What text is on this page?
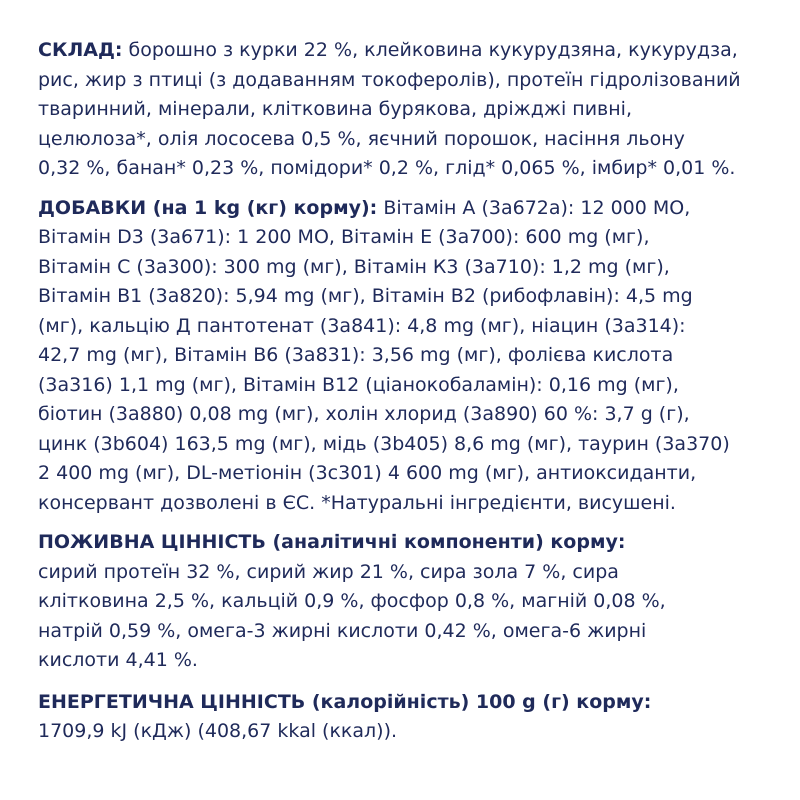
СКЛАД: борошно з курки 22 %, клейковина кукурудзяна, кукурудза,
рис, жир з птиці (з додаванням токоферолів), протеїн гідролізований
тваринний, мінерали, клітковина бурякова, дріжджі пивні,
целюлоза*, олія лососева 0,5 %, яєчний порошок, насіння льону
0,32 %, банан* 0,23 %, помідори* 0,2 %, глід* 0,065 %, імбир* 0,01 %.

ДОБАВКИ (на 1 kg (кг) корму): Вітамін А (3a672a): 12 000 МО,
Вітамін D3 (3a671): 1 200 МО, Вітамін E (3a700): 600 mg (мг),
Вітамін С (3a300): 300 mg (мг), Вітамін К3 (3a710): 1,2 mg (мг),
Вітамін В1 (3a820): 5,94 mg (мг), Вітамін В2 (рибофлавін): 4,5 mg
(мг), кальцію Д пантотенат (3a841): 4,8 mg (мг), ніацин (3a314):
42,7 mg (мг), Вітамін В6 (3a831): 3,56 mg (мг), фолієва кислота
(3a316) 1,1 mg (мг), Вітамін В12 (ціанокобаламін): 0,16 mg (мг),
біотин (3a880) 0,08 mg (мг), холін хлорид (3a890) 60 %: 3,7 g (г),
цинк (3b604) 163,5 mg (мг), мідь (3b405) 8,6 mg (мг), таурин (3a370)
2 400 mg (мг), DL-метіонін (3c301) 4 600 mg (мг), антиоксиданти,
консервант дозволені в ЄС. *Натуральні інгредієнти, висушені.

ПОЖИВНА ЦІННІСТЬ (аналітичні компоненти) корму:
сирий протеїн 32 %, сирий жир 21 %, сира зола 7 %, сира
клітковина 2,5 %, кальцій 0,9 %, фосфор 0,8 %, магній 0,08 %,
натрій 0,59 %, омега-3 жирні кислоти 0,42 %, омега-6 жирні
кислоти 4,41 %.

ЕНЕРГЕТИЧНА ЦІННІСТЬ (калорійність) 100 g (г) корму:
1709,9 kJ (кДж) (408,67 kkal (ккал)).
